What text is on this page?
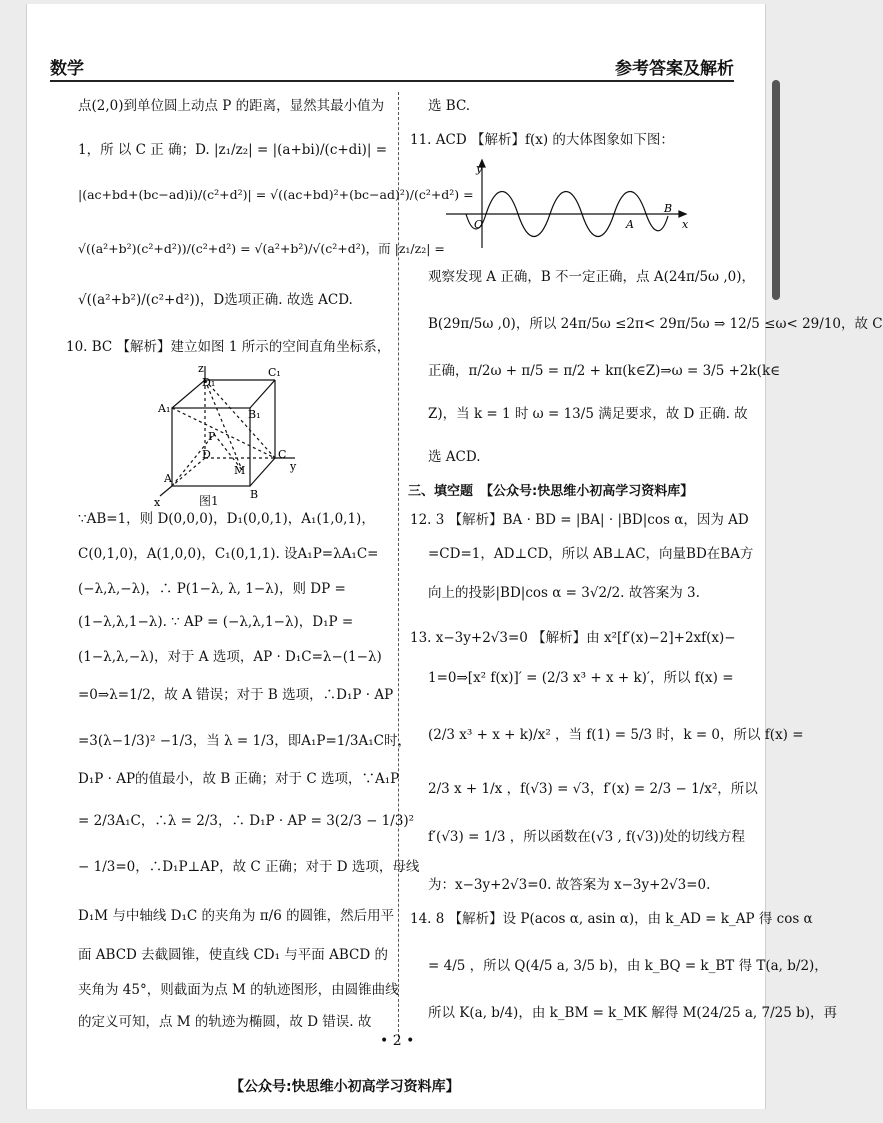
数学	参考答案及解析
点(2,0)到单位圆上动点 P 的距离，显然其最小值为
1，所 以 C 正 确；D. |z₁/z₂| = |(a+bi)/(c+di)| =
|(ac+bd+(bc−ad)i)/(c²+d²)| = √((ac+bd)²+(bc−ad)²)/(c²+d²) =
√((a²+b²)(c²+d²))/(c²+d²) = √(a²+b²)/√(c²+d²)，而 |z₁/z₂| =
√((a²+b²)/(c²+d²))，D选项正确. 故选 ACD.
10. BC 【解析】建立如图 1 所示的空间直角坐标系，
D₁
C₁
A₁	B₁
P
D	C
M
A
B
z
y
x	图1
∵AB=1，则 D(0,0,0)，D₁(0,0,1)，A₁(1,0,1)，
C(0,1,0)，A(1,0,0)，C₁(0,1,1). 设A₁P=λA₁C=
(−λ,λ,−λ)，∴ P(1−λ, λ, 1−λ)，则 DP =
(1−λ,λ,1−λ). ∵ AP = (−λ,λ,1−λ)，D₁P =
(1−λ,λ,−λ)，对于 A 选项，AP · D₁C=λ−(1−λ)
=0⇒λ=1/2，故 A 错误；对于 B 选项，∴D₁P · AP
=3(λ−1/3)² −1/3，当 λ = 1/3，即A₁P=1/3A₁C时，
D₁P · AP的值最小，故 B 正确；对于 C 选项，∵A₁P
= 2/3A₁C，∴λ = 2/3，∴ D₁P · AP = 3(2/3 − 1/3)²
− 1/3=0，∴D₁P⊥AP，故 C 正确；对于 D 选项，母线
D₁M 与中轴线 D₁C 的夹角为 π/6 的圆锥，然后用平
面 ABCD 去截圆锥，使直线 CD₁ 与平面 ABCD 的
夹角为 45°，则截面为点 M 的轨迹图形，由圆锥曲线
的定义可知，点 M 的轨迹为椭圆，故 D 错误. 故
选 BC.
11. ACD 【解析】f(x) 的大体图象如下图：
y
O	A
B
x
观察发现 A 正确，B 不一定正确，点 A(24π/5ω ,0)，
B(29π/5ω ,0)，所以 24π/5ω ≤2π< 29π/5ω ⇒ 12/5 ≤ω< 29/10，故 C
正确，π/2ω + π/5 = π/2 + kπ(k∈Z)⇒ω = 3/5 +2k(k∈
Z)，当 k = 1 时 ω = 13/5 满足要求，故 D 正确. 故
选 ACD.
三、填空题 【公众号:快思维小初高学习资料库】
12. 3 【解析】BA · BD = |BA| · |BD|cos α，因为 AD
=CD=1，AD⊥CD，所以 AB⊥AC，向量BD在BA方
向上的投影|BD|cos α = 3√2/2. 故答案为 3.
13. x−3y+2√3=0 【解析】由 x²[f′(x)−2]+2xf(x)−
1=0⇒[x² f(x)]′ = (2/3 x³ + x + k)′，所以 f(x) =
(2/3 x³ + x + k)/x² ，当 f(1) = 5/3 时，k = 0，所以 f(x) =
2/3 x + 1/x ，f(√3) = √3，f′(x) = 2/3 − 1/x²，所以
f′(√3) = 1/3 ，所以函数在(√3 , f(√3))处的切线方程
为：x−3y+2√3=0. 故答案为 x−3y+2√3=0.
14. 8 【解析】设 P(acos α, asin α)，由 k_AD = k_AP 得 cos α
= 4/5 ，所以 Q(4/5 a, 3/5 b)，由 k_BQ = k_BT 得 T(a, b/2)，
所以 K(a, b/4)，由 k_BM = k_MK 解得 M(24/25 a, 7/25 b)，再
• 2 •
【公众号:快思维小初高学习资料库】
